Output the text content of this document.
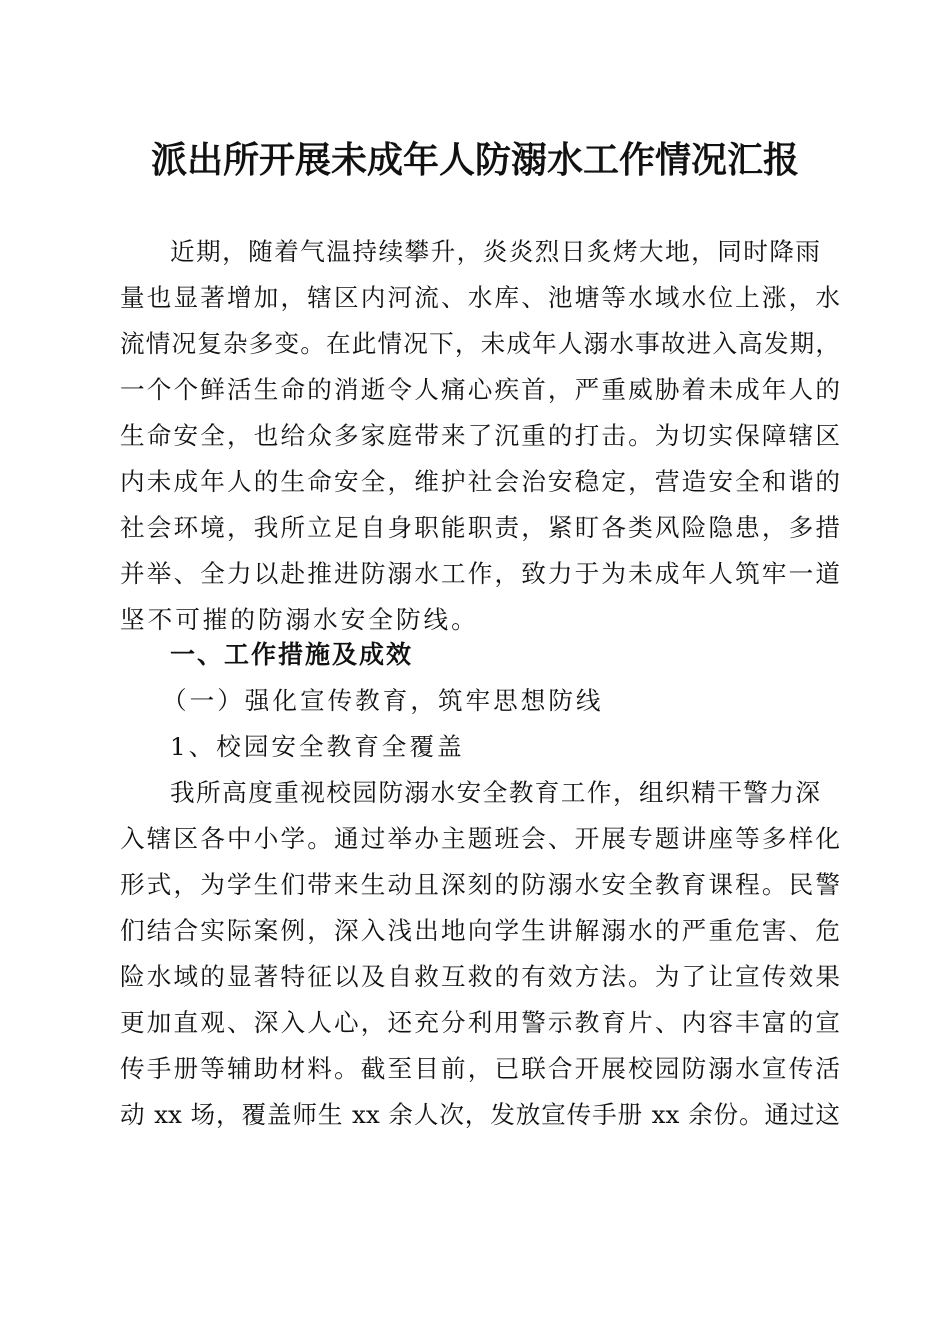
派出所开展未成年人防溺水工作情况汇报
近期，随着气温持续攀升，炎炎烈日炙烤大地，同时降雨
量也显著增加，辖区内河流、水库、池塘等水域水位上涨，水
流情况复杂多变。在此情况下，未成年人溺水事故进入高发期，
一个个鲜活生命的消逝令人痛心疾首，严重威胁着未成年人的
生命安全，也给众多家庭带来了沉重的打击。为切实保障辖区
内未成年人的生命安全，维护社会治安稳定，营造安全和谐的
社会环境，我所立足自身职能职责，紧盯各类风险隐患，多措
并举、全力以赴推进防溺水工作，致力于为未成年人筑牢一道
坚不可摧的防溺水安全防线。
一、工作措施及成效
（一）强化宣传教育，筑牢思想防线
1、校园安全教育全覆盖
我所高度重视校园防溺水安全教育工作，组织精干警力深
入辖区各中小学。通过举办主题班会、开展专题讲座等多样化
形式，为学生们带来生动且深刻的防溺水安全教育课程。民警
们结合实际案例，深入浅出地向学生讲解溺水的严重危害、危
险水域的显著特征以及自救互救的有效方法。为了让宣传效果
更加直观、深入人心，还充分利用警示教育片、内容丰富的宣
传手册等辅助材料。截至目前，已联合开展校园防溺水宣传活
动 xx 场，覆盖师生 xx 余人次，发放宣传手册 xx 余份。通过这
